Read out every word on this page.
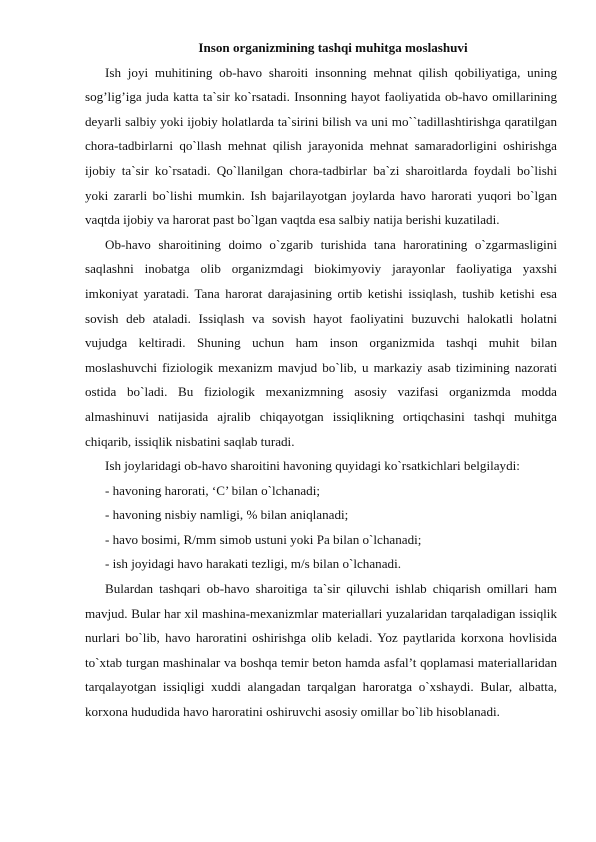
Inson organizmining tashqi muhitga moslashuvi

Ish joyi muhitining ob-havo sharoiti insonning mehnat qilish qobiliyatiga, uning sog’lig’iga juda katta ta`sir ko`rsatadi. Insonning hayot faoliyatida ob-havo omillarining deyarli salbiy yoki ijobiy holatlarda ta`sirini bilish va uni mo``tadillashtirishga qaratilgan chora-tadbirlarni qo`llash mehnat qilish jarayonida mehnat samaradorligini oshirishga ijobiy ta`sir ko`rsatadi. Qo`llanilgan chora-tadbirlar ba`zi sharoitlarda foydali bo`lishi yoki zararli bo`lishi mumkin. Ish bajarilayotgan joylarda havo harorati yuqori bo`lgan vaqtda ijobiy va harorat past bo`lgan vaqtda esa salbiy natija berishi kuzatiladi.

Ob-havo sharoitining doimo o`zgarib turishida tana haroratining o`zgarmasligini saqlashni inobatga olib organizmdagi biokimyoviy jarayonlar faoliyatiga yaxshi imkoniyat yaratadi. Tana harorat darajasining ortib ketishi issiqlash, tushib ketishi esa sovish deb ataladi. Issiqlash va sovish hayot faoliyatini buzuvchi halokatli holatni vujudga keltiradi. Shuning uchun ham inson organizmida tashqi muhit bilan moslashuvchi fiziologik mexanizm mavjud bo`lib, u markaziy asab tizimining nazorati ostida bo`ladi. Bu fiziologik mexanizmning asosiy vazifasi organizmda modda almashinuvi natijasida ajralib chiqayotgan issiqlikning ortiqchasini tashqi muhitga chiqarib, issiqlik nisbatini saqlab turadi.

Ish joylaridagi ob-havo sharoitini havoning quyidagi ko`rsatkichlari belgilaydi:

- havoning harorati, ‘C’ bilan o`lchanadi;

- havoning nisbiy namligi, % bilan aniqlanadi;

- havo bosimi, R/mm simob ustuni yoki Pa bilan o`lchanadi;

- ish joyidagi havo harakati tezligi, m/s bilan o`lchanadi.

Bulardan tashqari ob-havo sharoitiga ta`sir qiluvchi ishlab chiqarish omillari ham mavjud. Bular har xil mashina-mexanizmlar materiallari yuzalaridan tarqaladigan issiqlik nurlari bo`lib, havo haroratini oshirishga olib keladi. Yoz paytlarida korxona hovlisida to`xtab turgan mashinalar va boshqa temir beton hamda asfal’t qoplamasi materiallaridan tarqalayotgan issiqligi xuddi alangadan tarqalgan haroratga o`xshaydi. Bular, albatta, korxona hududida havo haroratini oshiruvchi asosiy omillar bo`lib hisoblanadi.
